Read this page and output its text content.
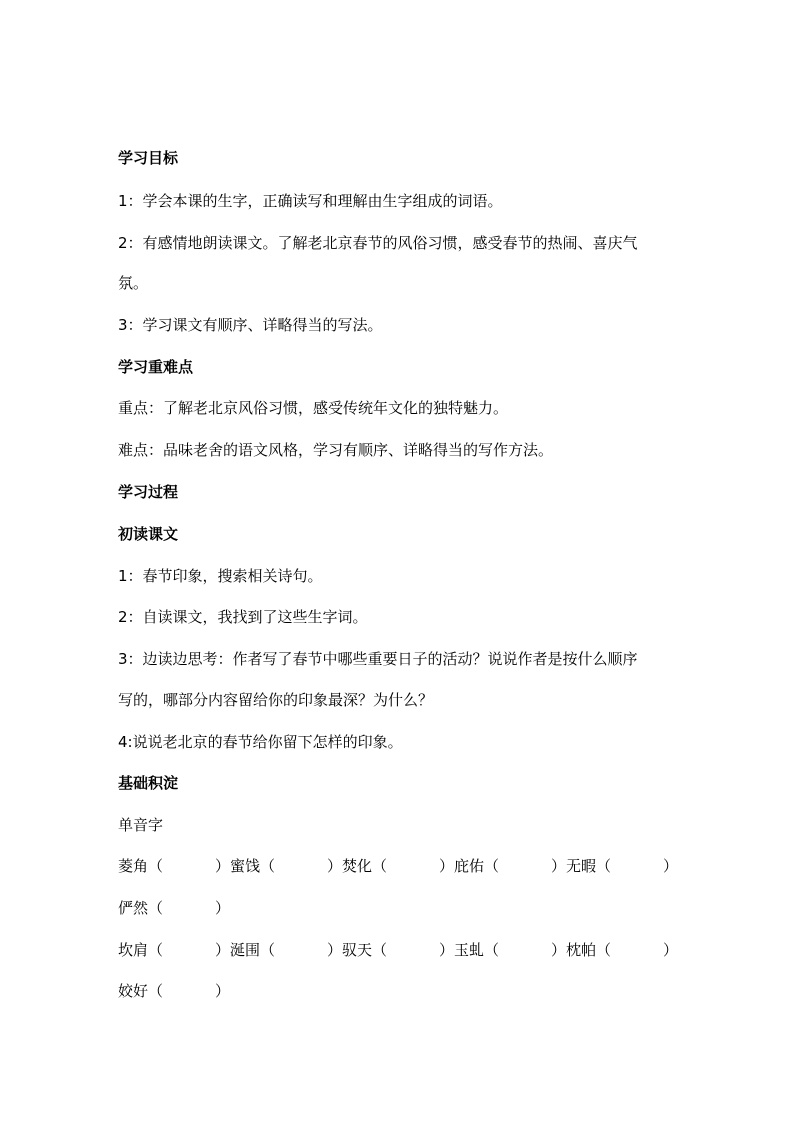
学习目标
1：学会本课的生字，正确读写和理解由生字组成的词语。
2：有感情地朗读课文。了解老北京春节的风俗习惯，感受春节的热闹、喜庆气
氛。
3：学习课文有顺序、详略得当的写法。
学习重难点
重点：了解老北京风俗习惯，感受传统年文化的独特魅力。
难点：品味老舍的语文风格，学习有顺序、详略得当的写作方法。
学习过程
初读课文
1：春节印象，搜索相关诗句。
2：自读课文，我找到了这些生字词。
3：边读边思考：作者写了春节中哪些重要日子的活动？说说作者是按什么顺序
写的，哪部分内容留给你的印象最深？为什么？
4:说说老北京的春节给你留下怎样的印象。
基础积淀
单音字
菱角（	）蜜饯（	）焚化（	）庇佑（	）无暇（	）
俨然（	）
坎肩（	）涎围（	）驭天（	）玉虬（	）枕帕（	）
姣好（	）
